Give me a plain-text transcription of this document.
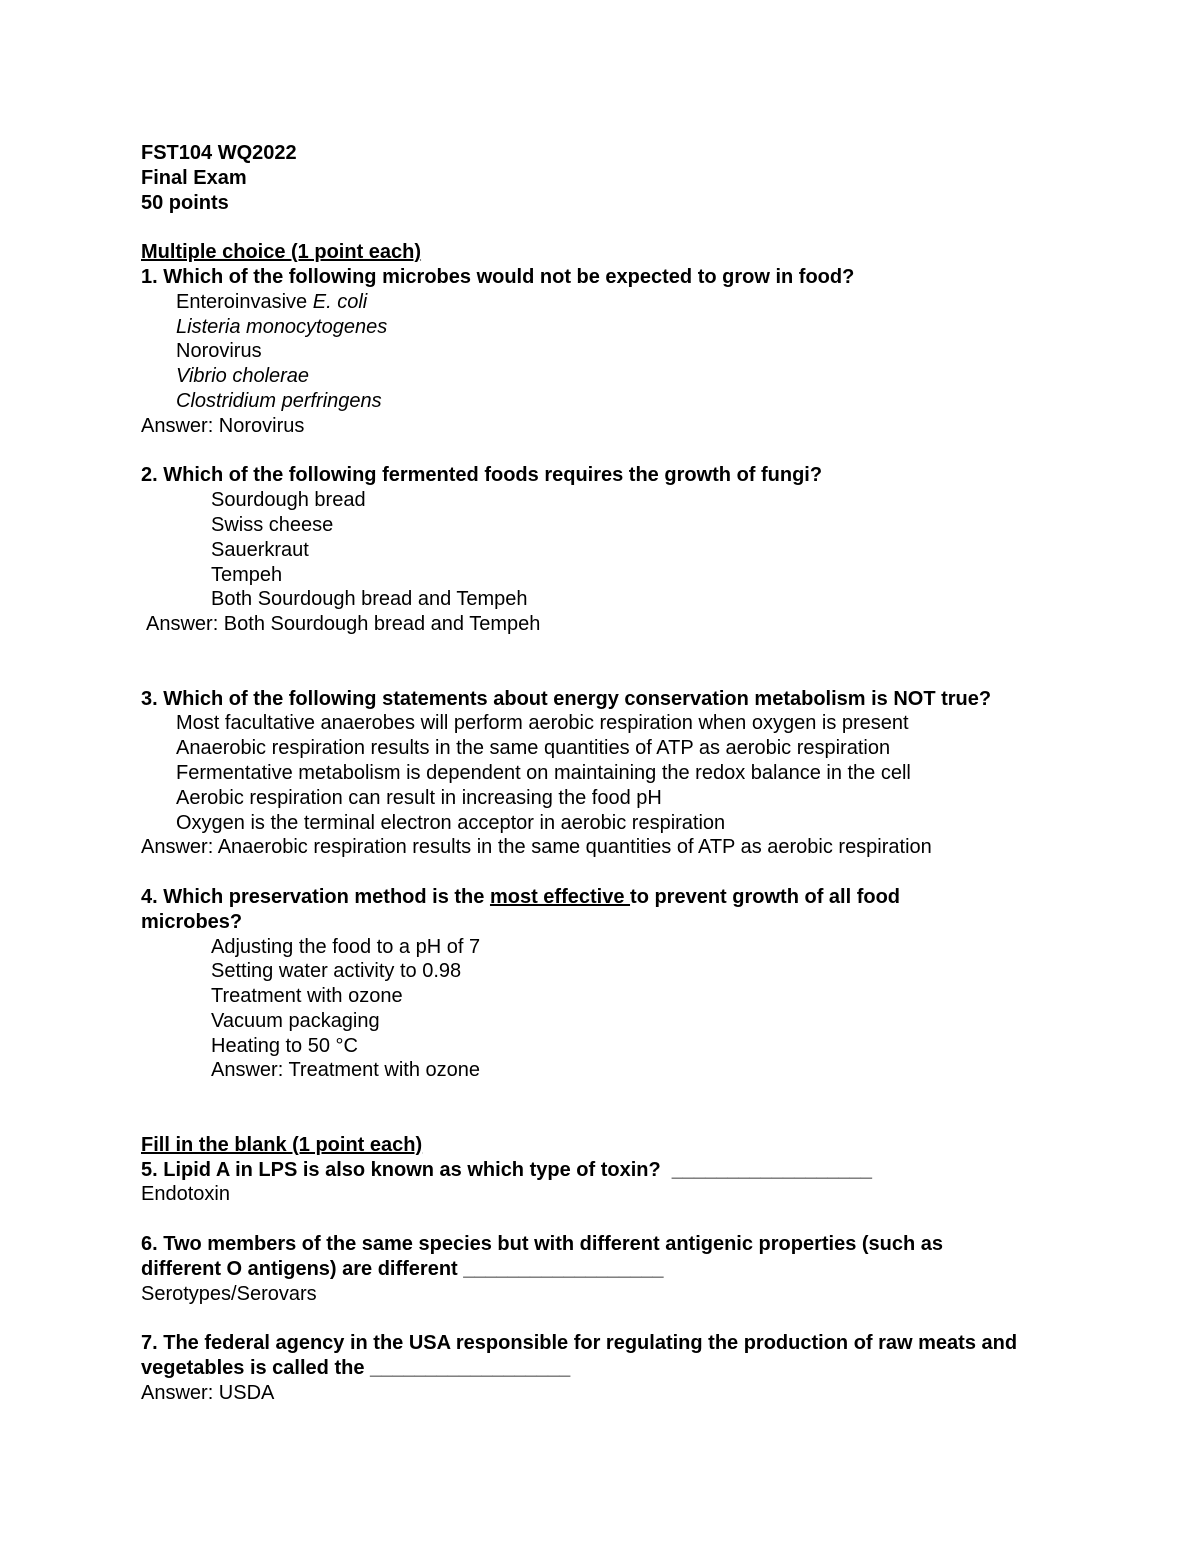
FST104 WQ2022
Final Exam
50 points
Multiple choice (1 point each)
1. Which of the following microbes would not be expected to grow in food?
Enteroinvasive E. coli
Listeria monocytogenes
Norovirus
Vibrio cholerae
Clostridium perfringens
Answer: Norovirus
2. Which of the following fermented foods requires the growth of fungi?
Sourdough bread
Swiss cheese
Sauerkraut
Tempeh
Both Sourdough bread and Tempeh
Answer: Both Sourdough bread and Tempeh
3. Which of the following statements about energy conservation metabolism is NOT true?
Most facultative anaerobes will perform aerobic respiration when oxygen is present
Anaerobic respiration results in the same quantities of ATP as aerobic respiration
Fermentative metabolism is dependent on maintaining the redox balance in the cell
Aerobic respiration can result in increasing the food pH
Oxygen is the terminal electron acceptor in aerobic respiration
Answer: Anaerobic respiration results in the same quantities of ATP as aerobic respiration
4. Which preservation method is the most effective to prevent growth of all food microbes?
Adjusting the food to a pH of 7
Setting water activity to 0.98
Treatment with ozone
Vacuum packaging
Heating to 50 °C
Answer: Treatment with ozone
Fill in the blank (1 point each)
5. Lipid A in LPS is also known as which type of toxin?  __________________
Endotoxin
6. Two members of the same species but with different antigenic properties (such as different O antigens) are different __________________
Serotypes/Serovars
7. The federal agency in the USA responsible for regulating the production of raw meats and vegetables is called the __________________
Answer: USDA
